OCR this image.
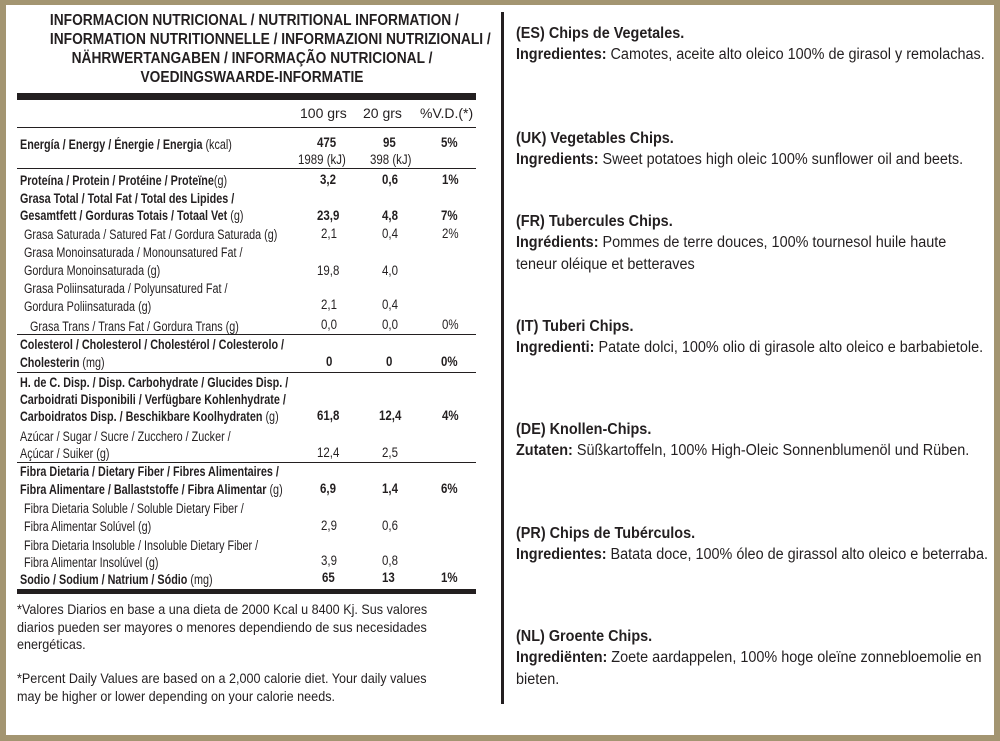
INFORMACION NUTRICIONAL / NUTRITIONAL INFORMATION /

INFORMATION NUTRITIONNELLE / INFORMAZIONI NUTRIZIONALI /

NÄHRWERTANGABEN / INFORMAÇÃO NUTRICIONAL /

VOEDINGSWAARDE-INFORMATIE

100 grs 20 grs %V.D.(*)
Energía / Energy / Énergie / Energia (kcal)	475	95	5%
1989 (kJ) 398 (kJ)
Proteína / Protein / Protéine / Proteïne(g)	3,2	0,6	1%
Grasa Total / Total Fat / Total des Lipides /
Gesamtfett / Gorduras Totais / Totaal Vet (g)	23,9	4,8	7%
Grasa Saturada / Satured Fat / Gordura Saturada (g)	2,1	0,4	2%
Grasa Monoinsaturada / Monounsatured Fat /
Gordura Monoinsaturada (g)	19,8	4,0
Grasa Poliinsaturada / Polyunsatured Fat /
Gordura Poliinsaturada (g)	2,1	0,4
Grasa Trans / Trans Fat / Gordura Trans (g)	0,0	0,0	0%
Colesterol / Cholesterol / Cholestérol / Colesterolo /
Cholesterin (mg)	0	0	0%
H. de C. Disp. / Disp. Carbohydrate / Glucides Disp. /
Carboidrati Disponibili / Verfügbare Kohlenhydrate /
Carboidratos Disp. / Beschikbare Koolhydraten (g)	61,8	12,4	4%
Azúcar / Sugar / Sucre / Zucchero / Zucker /
Açúcar / Suiker (g)	12,4	2,5
Fibra Dietaria / Dietary Fiber / Fibres Alimentaires /
Fibra Alimentare / Ballaststoffe / Fibra Alimentar (g)	6,9	1,4	6%
Fibra Dietaria Soluble / Soluble Dietary Fiber /
Fibra Alimentar Solúvel (g)	2,9	0,6
Fibra Dietaria Insoluble / Insoluble Dietary Fiber /
Fibra Alimentar Insolúvel (g)	3,9	0,8
Sodio / Sodium / Natrium / Sódio (mg)	65	13	1%
*Valores Diarios en base a una dieta de 2000 Kcal u 8400 Kj. Sus valores diarios pueden ser mayores o menores dependiendo de sus necesidades energéticas.
*Percent Daily Values are based on a 2,000 calorie diet. Your daily values may be higher or lower depending on your calorie needs.
(ES) Chips de Vegetales.
Ingredientes: Camotes, aceite alto oleico 100% de girasol y remolachas.
(UK) Vegetables Chips.
Ingredients: Sweet potatoes high oleic 100% sunflower oil and beets.
(FR) Tubercules Chips.
Ingrédients: Pommes de terre douces, 100% tournesol huile haute teneur oléique et betteraves
(IT) Tuberi Chips.
Ingredienti: Patate dolci, 100% olio di girasole alto oleico e barbabietole.
(DE) Knollen-Chips.
Zutaten: Süßkartoffeln, 100% High-Oleic Sonnenblumenöl und Rüben.
(PR) Chips de Tubérculos.
Ingredientes: Batata doce, 100% óleo de girassol alto oleico e beterraba.
(NL) Groente Chips.
Ingrediënten: Zoete aardappelen, 100% hoge oleïne zonnebloemolie en bieten.
